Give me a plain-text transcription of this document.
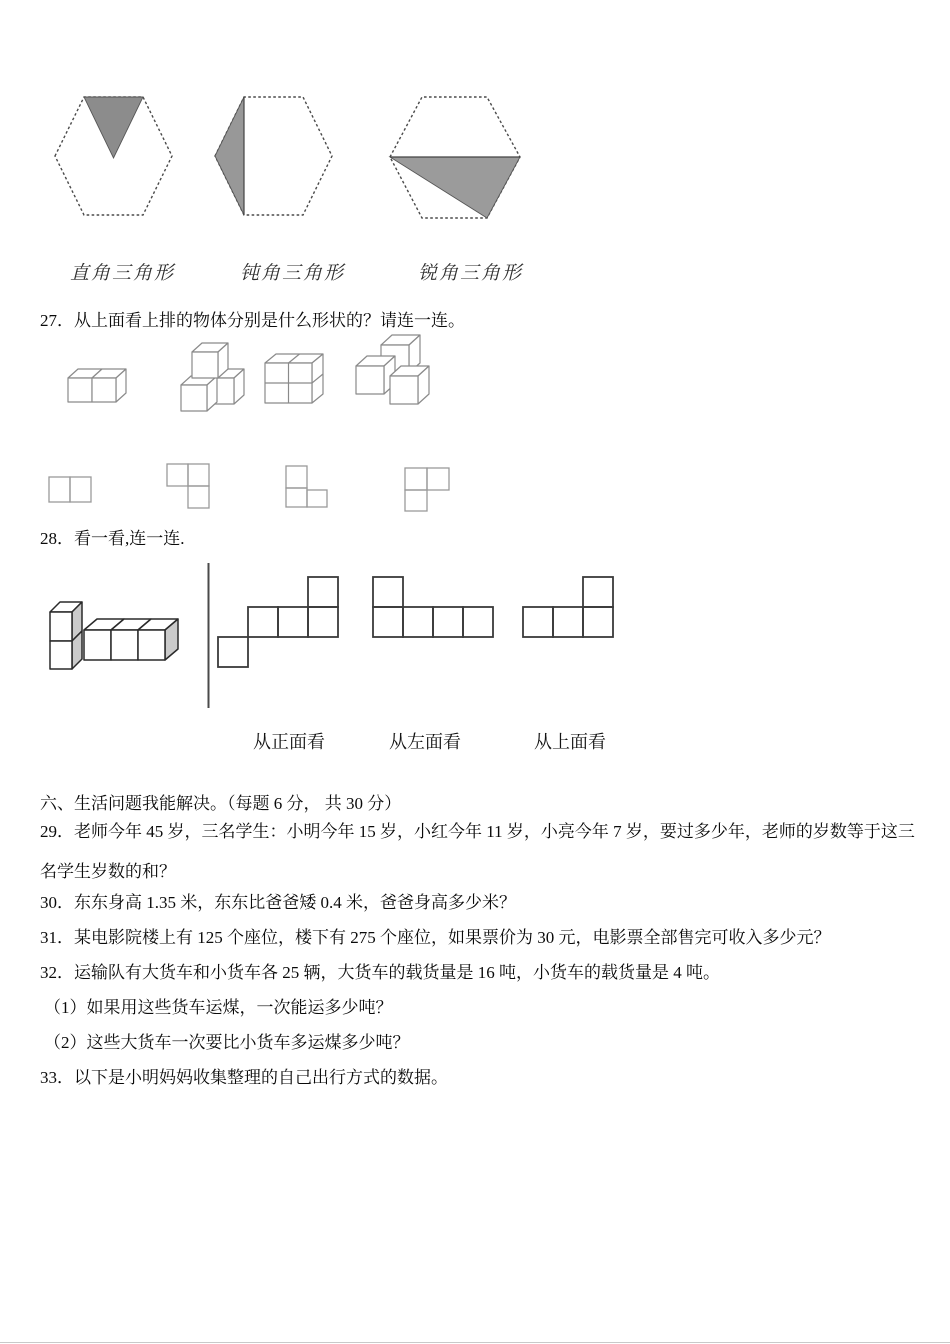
直角三角形	钝角三角形	锐角三角形
27．从上面看上排的物体分别是什么形状的？请连一连。
28．看一看,连一连.
从正面看	从左面看	从上面看
六、生活问题我能解决。（每题 6 分， 共 30 分）
29．老师今年 45 岁，三名学生：小明今年 15 岁，小红今年 11 岁，小亮今年 7 岁，要过多少年，老师的岁数等于这三
名学生岁数的和？
30．东东身高 1.35 米，东东比爸爸矮 0.4 米，爸爸身高多少米？
31．某电影院楼上有 125 个座位，楼下有 275 个座位，如果票价为 30 元，电影票全部售完可收入多少元？
32．运输队有大货车和小货车各 25 辆，大货车的载货量是 16 吨，小货车的载货量是 4 吨。
（1）如果用这些货车运煤，一次能运多少吨？
（2）这些大货车一次要比小货车多运煤多少吨？
33．以下是小明妈妈收集整理的自己出行方式的数据。
